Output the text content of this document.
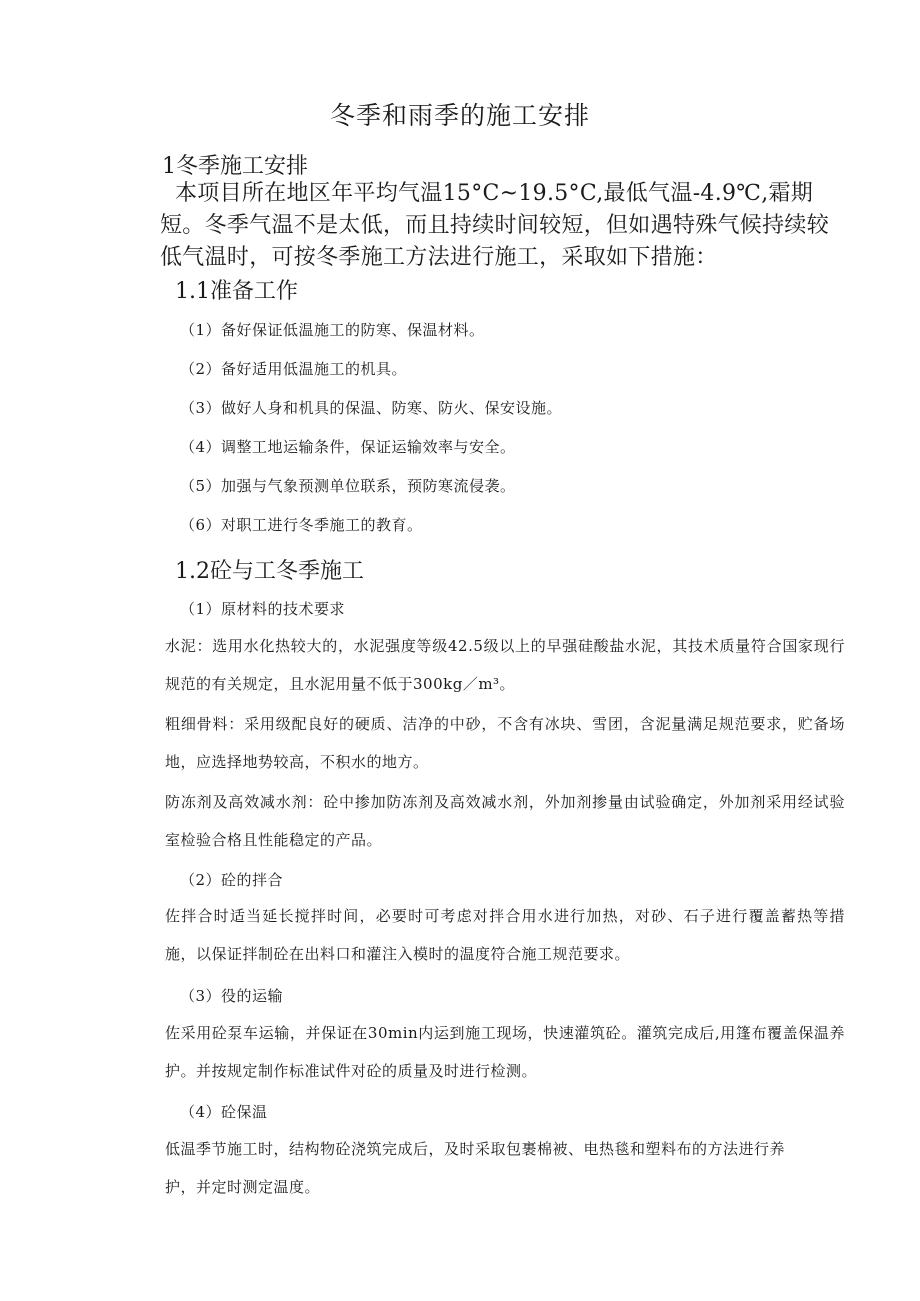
冬季和雨季的施工安排
1冬季施工安排

本项目所在地区年平均气温15°C~19.5°C,最低气温-4.9℃,霜期短。冬季气温不是太低，而且持续时间较短，但如遇特殊气候持续较低气温时，可按冬季施工方法进行施工，采取如下措施：

1.1准备工作

（1）备好保证低温施工的防寒、保温材料。

（2）备好适用低温施工的机具。

（3）做好人身和机具的保温、防寒、防火、保安设施。

（4）调整工地运输条件，保证运输效率与安全。

（5）加强与气象预测单位联系，预防寒流侵袭。

（6）对职工进行冬季施工的教育。

1.2砼与工冬季施工

（1）原材料的技术要求

水泥：选用水化热较大的，水泥强度等级42.5级以上的早强硅酸盐水泥，其技术质量符合国家现行规范的有关规定，且水泥用量不低于300kg／m³。

粗细骨料：采用级配良好的硬质、洁净的中砂，不含有冰块、雪团，含泥量满足规范要求，贮备场地，应选择地势较高，不积水的地方。

防冻剂及高效减水剂：砼中掺加防冻剂及高效减水剂，外加剂掺量由试验确定，外加剂采用经试验室检验合格且性能稳定的产品。

（2）砼的拌合

佐拌合时适当延长搅拌时间，必要时可考虑对拌合用水进行加热，对砂、石子进行覆盖蓄热等措施，以保证拌制砼在出料口和灌注入模时的温度符合施工规范要求。

（3）役的运输

佐采用砼泵车运输，并保证在30min内运到施工现场，快速灌筑砼。灌筑完成后,用篷布覆盖保温养护。并按规定制作标准试件对砼的质量及时进行检测。

（4）砼保温

低温季节施工时，结构物砼浇筑完成后，及时采取包裹棉被、电热毯和塑料布的方法进行养护，并定时测定温度。
